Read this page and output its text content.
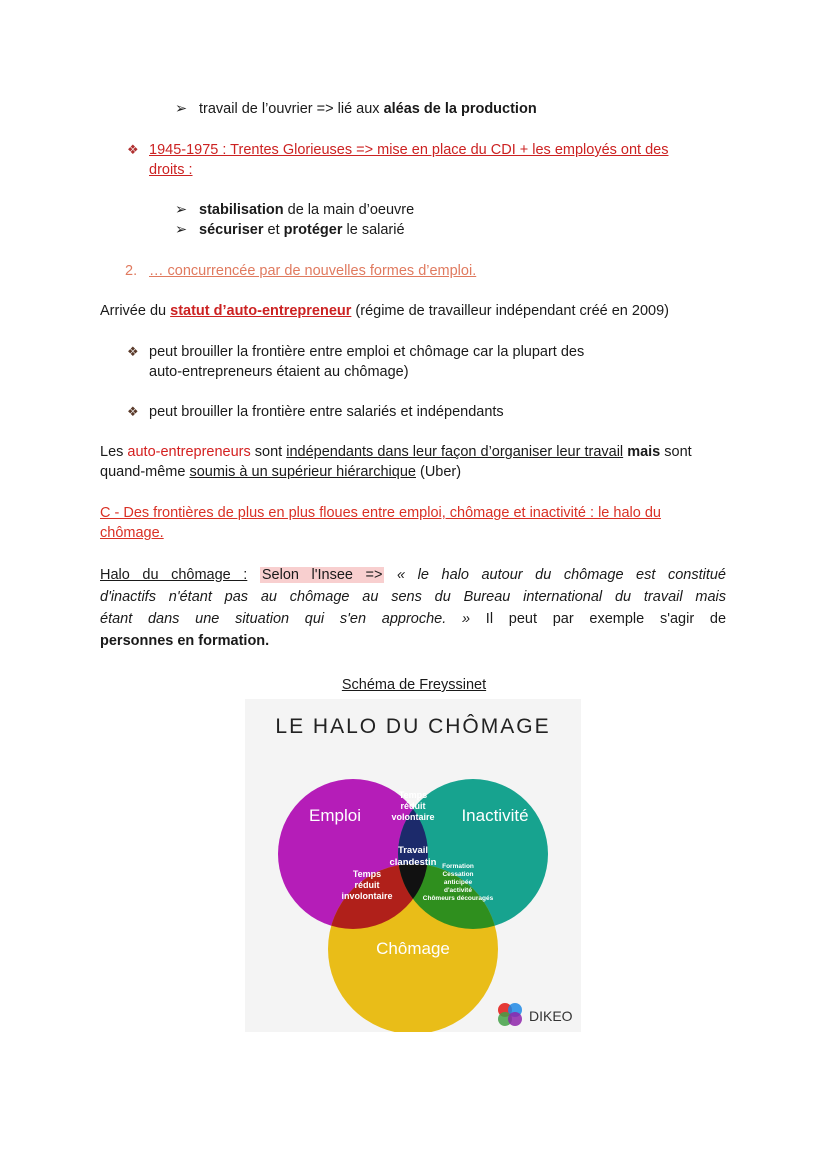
➢ travail de l’ouvrier => lié aux aléas de la production
❖ 1945-1975 : Trentes Glorieuses => mise en place du CDI + les employés ont des
droits :
➢ stabilisation de la main d’oeuvre
➢ sécuriser et protéger le salarié
2. … concurrencée par de nouvelles formes d’emploi.
Arrivée du statut d’auto-entrepreneur (régime de travailleur indépendant créé en 2009)
❖ peut brouiller la frontière entre emploi et chômage car la plupart des
auto-entrepreneurs étaient au chômage)
❖ peut brouiller la frontière entre salariés et indépendants
Les auto-entrepreneurs sont indépendants dans leur façon d’organiser leur travail mais sont
quand-même soumis à un supérieur hiérarchique (Uber)
C - Des frontières de plus en plus floues entre emploi, chômage et inactivité : le halo du
chômage.
Halo du chômage : Selon l'Insee => « le halo autour du chômage est constitué
d'inactifs n'étant pas au chômage au sens du Bureau international du travail mais
étant dans une situation qui s'en approche. » Il peut par exemple s'agir de
personnes en formation.
Schéma de Freyssinet
LE HALO DU CHÔMAGE
Emploi	Inactivité
Chômage
Temps
réduit
volontaire
Travail
clandestin
Temps
réduit
involontaire
Formation
Cessation
anticipée
d'activité
Chômeurs découragés
DIKEO
